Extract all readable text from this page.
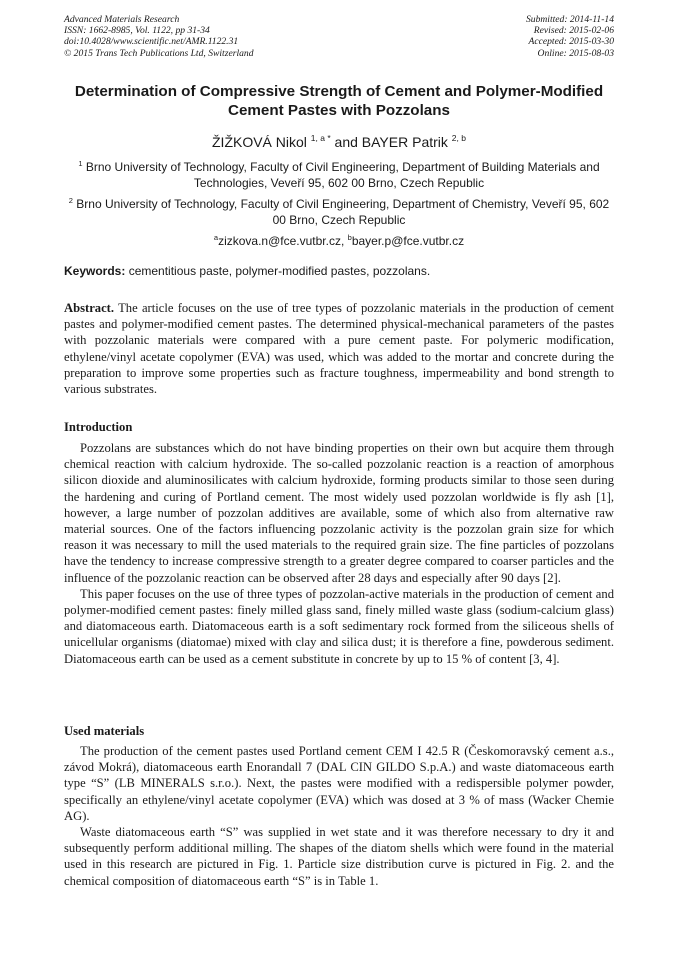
Advanced Materials Research
ISSN: 1662-8985, Vol. 1122, pp 31-34
doi:10.4028/www.scientific.net/AMR.1122.31
© 2015 Trans Tech Publications Ltd, Switzerland
Submitted: 2014-11-14
Revised: 2015-02-06
Accepted: 2015-03-30
Online: 2015-08-03
Determination of Compressive Strength of Cement and Polymer-Modified Cement Pastes with Pozzolans
ŽIŽKOVÁ Nikol $^{1, a *}$ and BAYER Patrik $^{2, b}$
$^1$ Brno University of Technology, Faculty of Civil Engineering, Department of Building Materials and Technologies, Veveří 95, 602 00 Brno, Czech Republic
$^2$ Brno University of Technology, Faculty of Civil Engineering, Department of Chemistry, Veveří 95, 602 00 Brno, Czech Republic
$^a$zizkova.n@fce.vutbr.cz, $^b$bayer.p@fce.vutbr.cz
Keywords: cementitious paste, polymer-modified pastes, pozzolans.
Abstract. The article focuses on the use of tree types of pozzolanic materials in the production of cement pastes and polymer-modified cement pastes. The determined physical-mechanical parameters of the pastes with pozzolanic materials were compared with a pure cement paste. For polymeric modification, ethylene/vinyl acetate copolymer (EVA) was used, which was added to the mortar and concrete during the preparation to improve some properties such as fracture toughness, impermeability and bond strength to various substrates.
Introduction

Pozzolans are substances which do not have binding properties on their own but acquire them through chemical reaction with calcium hydroxide. The so-called pozzolanic reaction is a reaction of amorphous silicon dioxide and aluminosilicates with calcium hydroxide, forming products similar to those seen during the hardening and curing of Portland cement. The most widely used pozzolan worldwide is fly ash [1], however, a large number of pozzolan additives are available, some of which also from alternative raw material sources. One of the factors influencing pozzolanic activity is the pozzolan grain size for which reason it was necessary to mill the used materials to the required grain size. The fine particles of pozzolans have the tendency to increase compressive strength to a greater degree compared to coarser particles and the influence of the pozzolanic reaction can be observed after 28 days and especially after 90 days [2].

This paper focuses on the use of three types of pozzolan-active materials in the production of cement and polymer-modified cement pastes: finely milled glass sand, finely milled waste glass (sodium-calcium glass) and diatomaceous earth. Diatomaceous earth is a soft sedimentary rock formed from the siliceous shells of unicellular organisms (diatomae) mixed with clay and silica dust; it is therefore a fine, powderous sediment. Diatomaceous earth can be used as a cement substitute in concrete by up to 15 % of content [3, 4].

Used materials

The production of the cement pastes used Portland cement CEM I 42.5 R (Českomoravský cement a.s., závod Mokrá), diatomaceous earth Enorandall 7 (DAL CIN GILDO S.p.A.) and waste diatomaceous earth type “S” (LB MINERALS s.r.o.). Next, the pastes were modified with a redispersible polymer powder, specifically an ethylene/vinyl acetate copolymer (EVA) which was dosed at 3 % of mass (Wacker Chemie AG).

Waste diatomaceous earth “S” was supplied in wet state and it was therefore necessary to dry it and subsequently perform additional milling. The shapes of the diatom shells which were found in the material used in this research are pictured in Fig. 1. Particle size distribution curve is pictured in Fig. 2. and the chemical composition of diatomaceous earth “S” is in Table 1.
